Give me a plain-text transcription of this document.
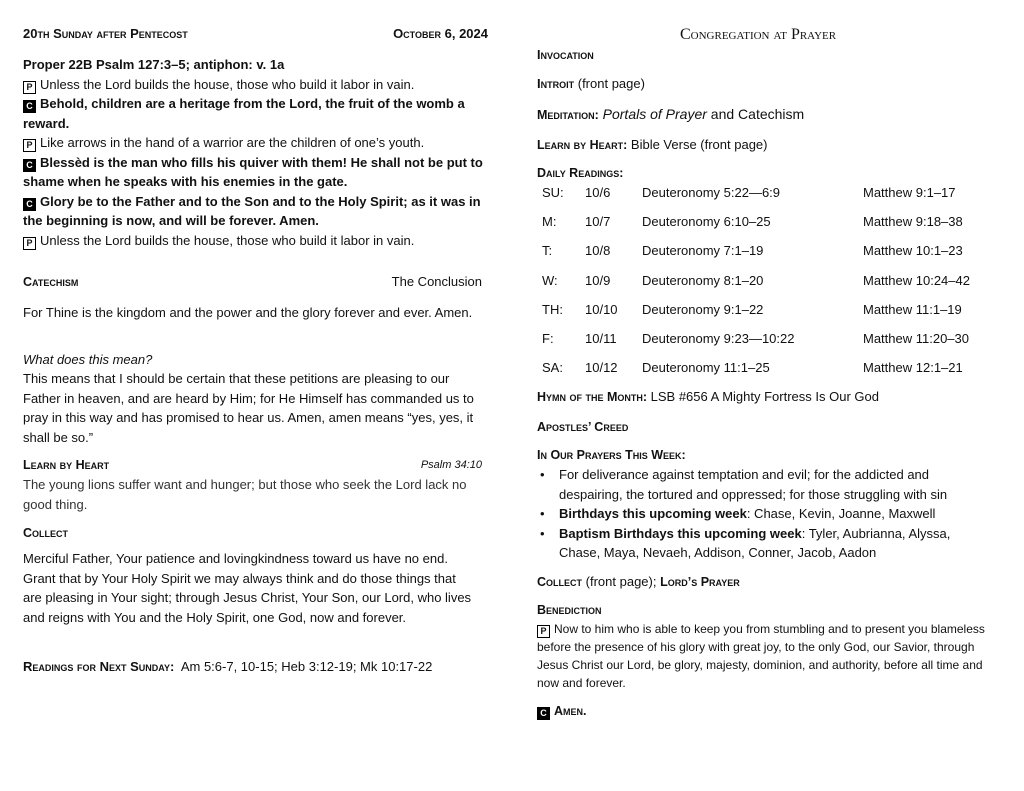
20th Sunday after Pentecost	October 6, 2024

Proper 22B Psalm 127:3–5; antiphon: v. 1a

P Unless the Lord builds the house, those who build it labor in vain.

C Behold, children are a heritage from the Lord, the fruit of the womb a reward.

P Like arrows in the hand of a warrior are the children of one’s youth.

C Blessèd is the man who fills his quiver with them! He shall not be put to shame when he speaks with his enemies in the gate.

C Glory be to the Father and to the Son and to the Holy Spirit; as it was in the beginning is now, and will be forever. Amen.

P Unless the Lord builds the house, those who build it labor in vain.

Catechism	The Conclusion

For Thine is the kingdom and the power and the glory forever and ever. Amen.

What does this mean?

This means that I should be certain that these petitions are pleasing to our Father in heaven, and are heard by Him; for He Himself has commanded us to pray in this way and has promised to hear us. Amen, amen means “yes, yes, it shall be so.”

Learn by Heart	Psalm 34:10

The young lions suffer want and hunger; but those who seek the Lord lack no good thing.

Collect

Merciful Father, Your patience and lovingkindness toward us have no end. Grant that by Your Holy Spirit we may always think and do those things that are pleasing in Your sight; through Jesus Christ, Your Son, our Lord, who lives and reigns with You and the Holy Spirit, one God, now and forever.

Readings for Next Sunday: Am 5:6-7, 10-15; Heb 3:12-19; Mk 10:17-22
Congregation at Prayer
Invocation
Introit (front page)
Meditation: Portals of Prayer and Catechism
Learn by Heart: Bible Verse (front page)
Daily Readings:
SU: 10/6 Deuteronomy 5:22—6:9	Matthew 9:1–17
M: 10/7 Deuteronomy 6:10–25	Matthew 9:18–38
T:	10/8 Deuteronomy 7:1–19	Matthew 10:1–23
W: 10/9 Deuteronomy 8:1–20	Matthew 10:24–42
TH: 10/10 Deuteronomy 9:1–22	Matthew 11:1–19
F: 10/11 Deuteronomy 9:23—10:22	Matthew 11:20–30
SA: 10/12 Deuteronomy 11:1–25	Matthew 12:1–21
Hymn of the Month: LSB #656 A Mighty Fortress Is Our God
Apostles’ Creed
In Our Prayers This Week:
• For deliverance against temptation and evil; for the addicted and despairing, the tortured and oppressed; for those struggling with sin
• Birthdays this upcoming week: Chase, Kevin, Joanne, Maxwell
• Baptism Birthdays this upcoming week: Tyler, Aubrianna, Alyssa, Chase, Maya, Nevaeh, Addison, Conner, Jacob, Aadon
Collect (front page); Lord’s Prayer
Benediction

P Now to him who is able to keep you from stumbling and to present you blameless before the presence of his glory with great joy, to the only God, our Savior, through Jesus Christ our Lord, be glory, majesty, dominion, and authority, before all time and now and forever.

C Amen.
